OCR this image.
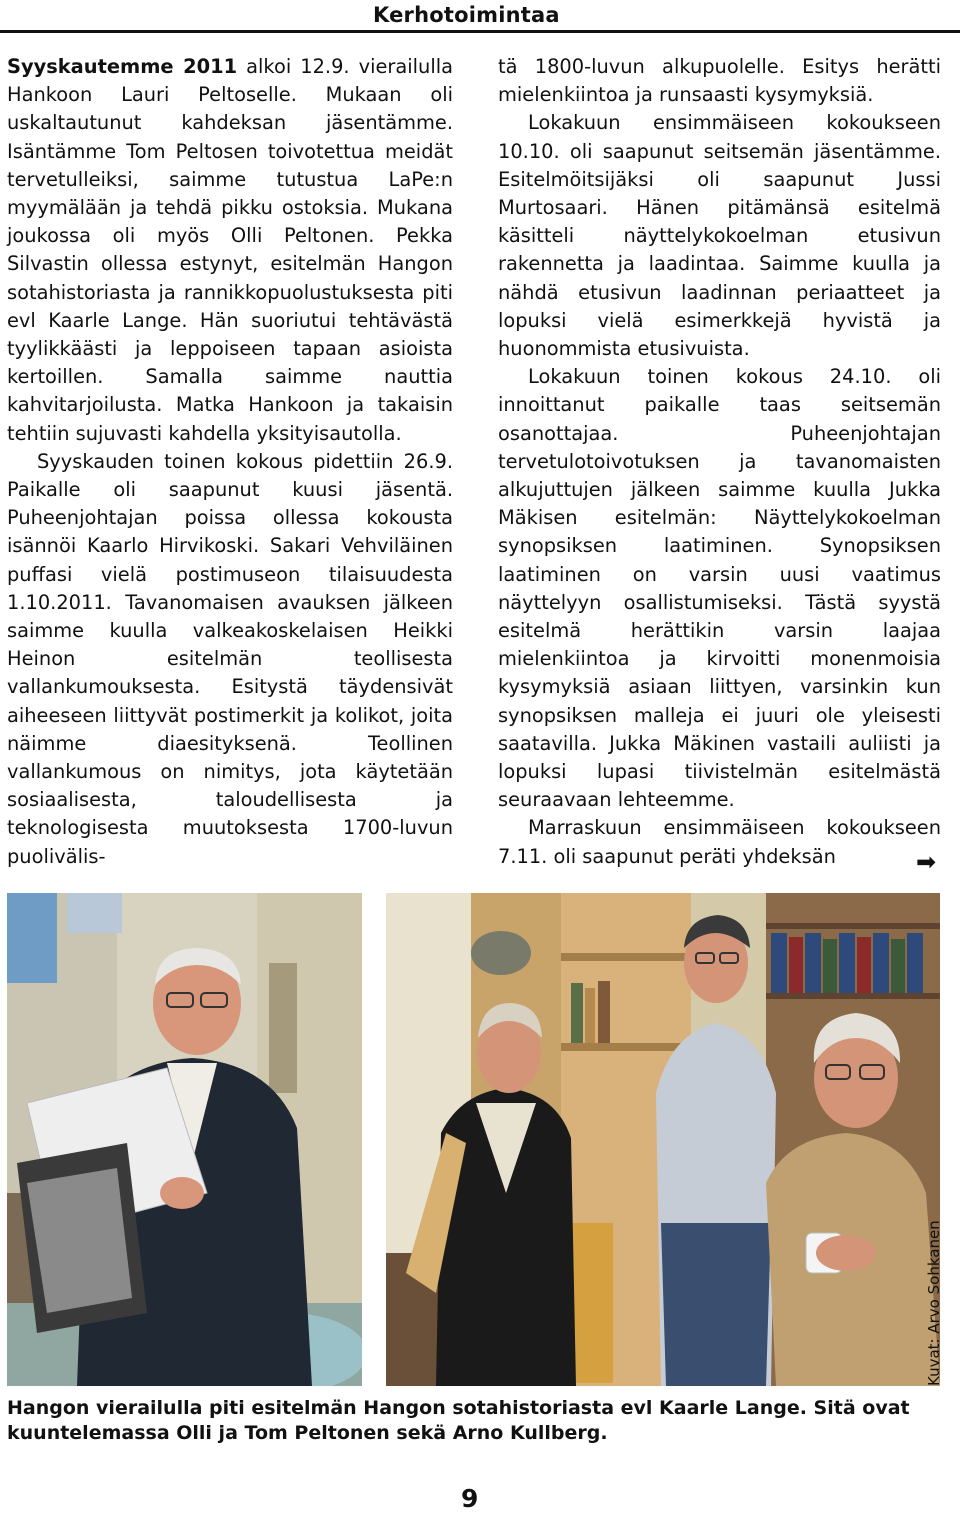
Kerhotoimintaa

Syyskautemme 2011 alkoi 12.9. vierailulla Hankoon Lauri Peltoselle. Mukaan oli uskaltautunut kahdeksan jäsentämme. Isäntämme Tom Peltosen toivotettua meidät tervetulleiksi, saimme tutustua LaPe:n myymälään ja tehdä pikku ostoksia. Mukana joukossa oli myös Olli Peltonen. Pekka Silvastin ollessa estynyt, esitelmän Hangon sotahistoriasta ja rannikkopuolustuksesta piti evl Kaarle Lange. Hän suoriutui tehtävästä tyylikkäästi ja leppoiseen tapaan asioista kertoillen. Samalla saimme nauttia kahvitarjoilusta. Matka Hankoon ja takaisin tehtiin sujuvasti kahdella yksityisautolla.

Syyskauden toinen kokous pidettiin 26.9. Paikalle oli saapunut kuusi jäsentä. Puheenjohtajan poissa ollessa kokousta isännöi Kaarlo Hirvikoski. Sakari Vehviläinen puffasi vielä postimuseon tilaisuudesta 1.10.2011. Tavanomaisen avauksen jälkeen saimme kuulla valkeakoskelaisen Heikki Heinon esitelmän teollisesta vallankumouksesta. Esitystä täydensivät aiheeseen liittyvät postimerkit ja kolikot, joita näimme diaesityksenä. Teollinen vallankumous on nimitys, jota käytetään sosiaalisesta, taloudellisesta ja teknologisesta muutoksesta 1700-luvun puolivälis-

tä 1800-luvun alkupuolelle. Esitys herätti mielenkiintoa ja runsaasti kysymyksiä.

Lokakuun ensimmäiseen kokoukseen 10.10. oli saapunut seitsemän jäsentämme. Esitelmöitsijäksi oli saapunut Jussi Murtosaari. Hänen pitämänsä esitelmä käsitteli näyttelykokoelman etusivun rakennetta ja laadintaa. Saimme kuulla ja nähdä etusivun laadinnan periaatteet ja lopuksi vielä esimerkkejä hyvistä ja huonommista etusivuista.

Lokakuun toinen kokous 24.10. oli innoittanut paikalle taas seitsemän osanottajaa. Puheenjohtajan tervetulotoivotuksen ja tavanomaisten alkujuttujen jälkeen saimme kuulla Jukka Mäkisen esitelmän: Näyttelykokoelman synopsiksen laatiminen. Synopsiksen laatiminen on varsin uusi vaatimus näyttelyyn osallistumiseksi. Tästä syystä esitelmä herättikin varsin laajaa mielenkiintoa ja kirvoitti monenmoisia kysymyksiä asiaan liittyen, varsinkin kun synopsiksen malleja ei juuri ole yleisesti saatavilla. Jukka Mäkinen vastaili auliisti ja lopuksi lupasi tiivistelmän esitelmästä seuraavaan lehteemme.

Marraskuun ensimmäiseen kokoukseen 7.11. oli saapunut peräti yhdeksän	➡
Kuvat: Arvo Sohkanen
Hangon vierailulla piti esitelmän Hangon sotahistoriasta evl Kaarle Lange. Sitä ovat kuuntelemassa Olli ja Tom Peltonen sekä Arno Kullberg.
9
